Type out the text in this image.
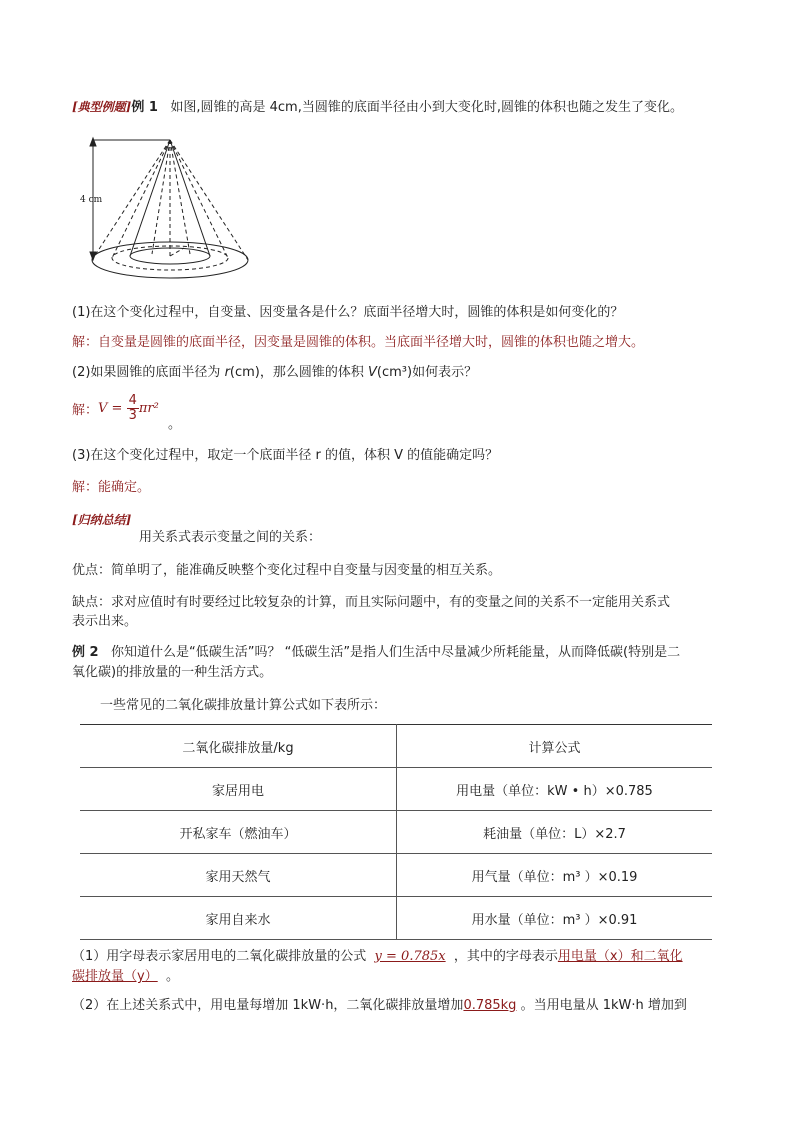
[典型例题]例 1 如图,圆锥的高是 4cm,当圆锥的底面半径由小到大变化时,圆锥的体积也随之发生了变化。
4 cm
(1)在这个变化过程中，自变量、因变量各是什么？底面半径增大时，圆锥的体积是如何变化的？
解：自变量是圆锥的底面半径，因变量是圆锥的体积。当底面半径增大时，圆锥的体积也随之增大。
(2)如果圆锥的底面半径为 r(cm)，那么圆锥的体积 V(cm³)如何表示？
解：$V = \frac{4}{3} \pi r^2$
。
(3)在这个变化过程中，取定一个底面半径 r 的值，体积 V 的值能确定吗？
解：能确定。
[归纳总结]
用关系式表示变量之间的关系：
优点：简单明了，能准确反映整个变化过程中自变量与因变量的相互关系。
缺点：求对应值时有时要经过比较复杂的计算，而且实际问题中，有的变量之间的关系不一定能用关系式
表示出来。
例 2 你知道什么是“低碳生活”吗？ “低碳生活”是指人们生活中尽量减少所耗能量，从而降低碳(特别是二
氧化碳)的排放量的一种生活方式。
一些常见的二氧化碳排放量计算公式如下表所示：
二氧化碳排放量/kg	计算公式
家居用电	用电量（单位：kW • h）×0.785
开私家车（燃油车）	耗油量（单位：L）×2.7
家用天然气	用气量（单位：m³ ）×0.19
家用自来水	用水量（单位：m³ ）×0.91
（1）用字母表示家居用电的二氧化碳排放量的公式 y = 0.785x ，其中的字母表示用电量（x）和二氧化
碳排放量（y） 。
（2）在上述关系式中，用电量每增加 1kW·h，二氧化碳排放量增加0.785kg 。当用电量从 1kW·h 增加到
